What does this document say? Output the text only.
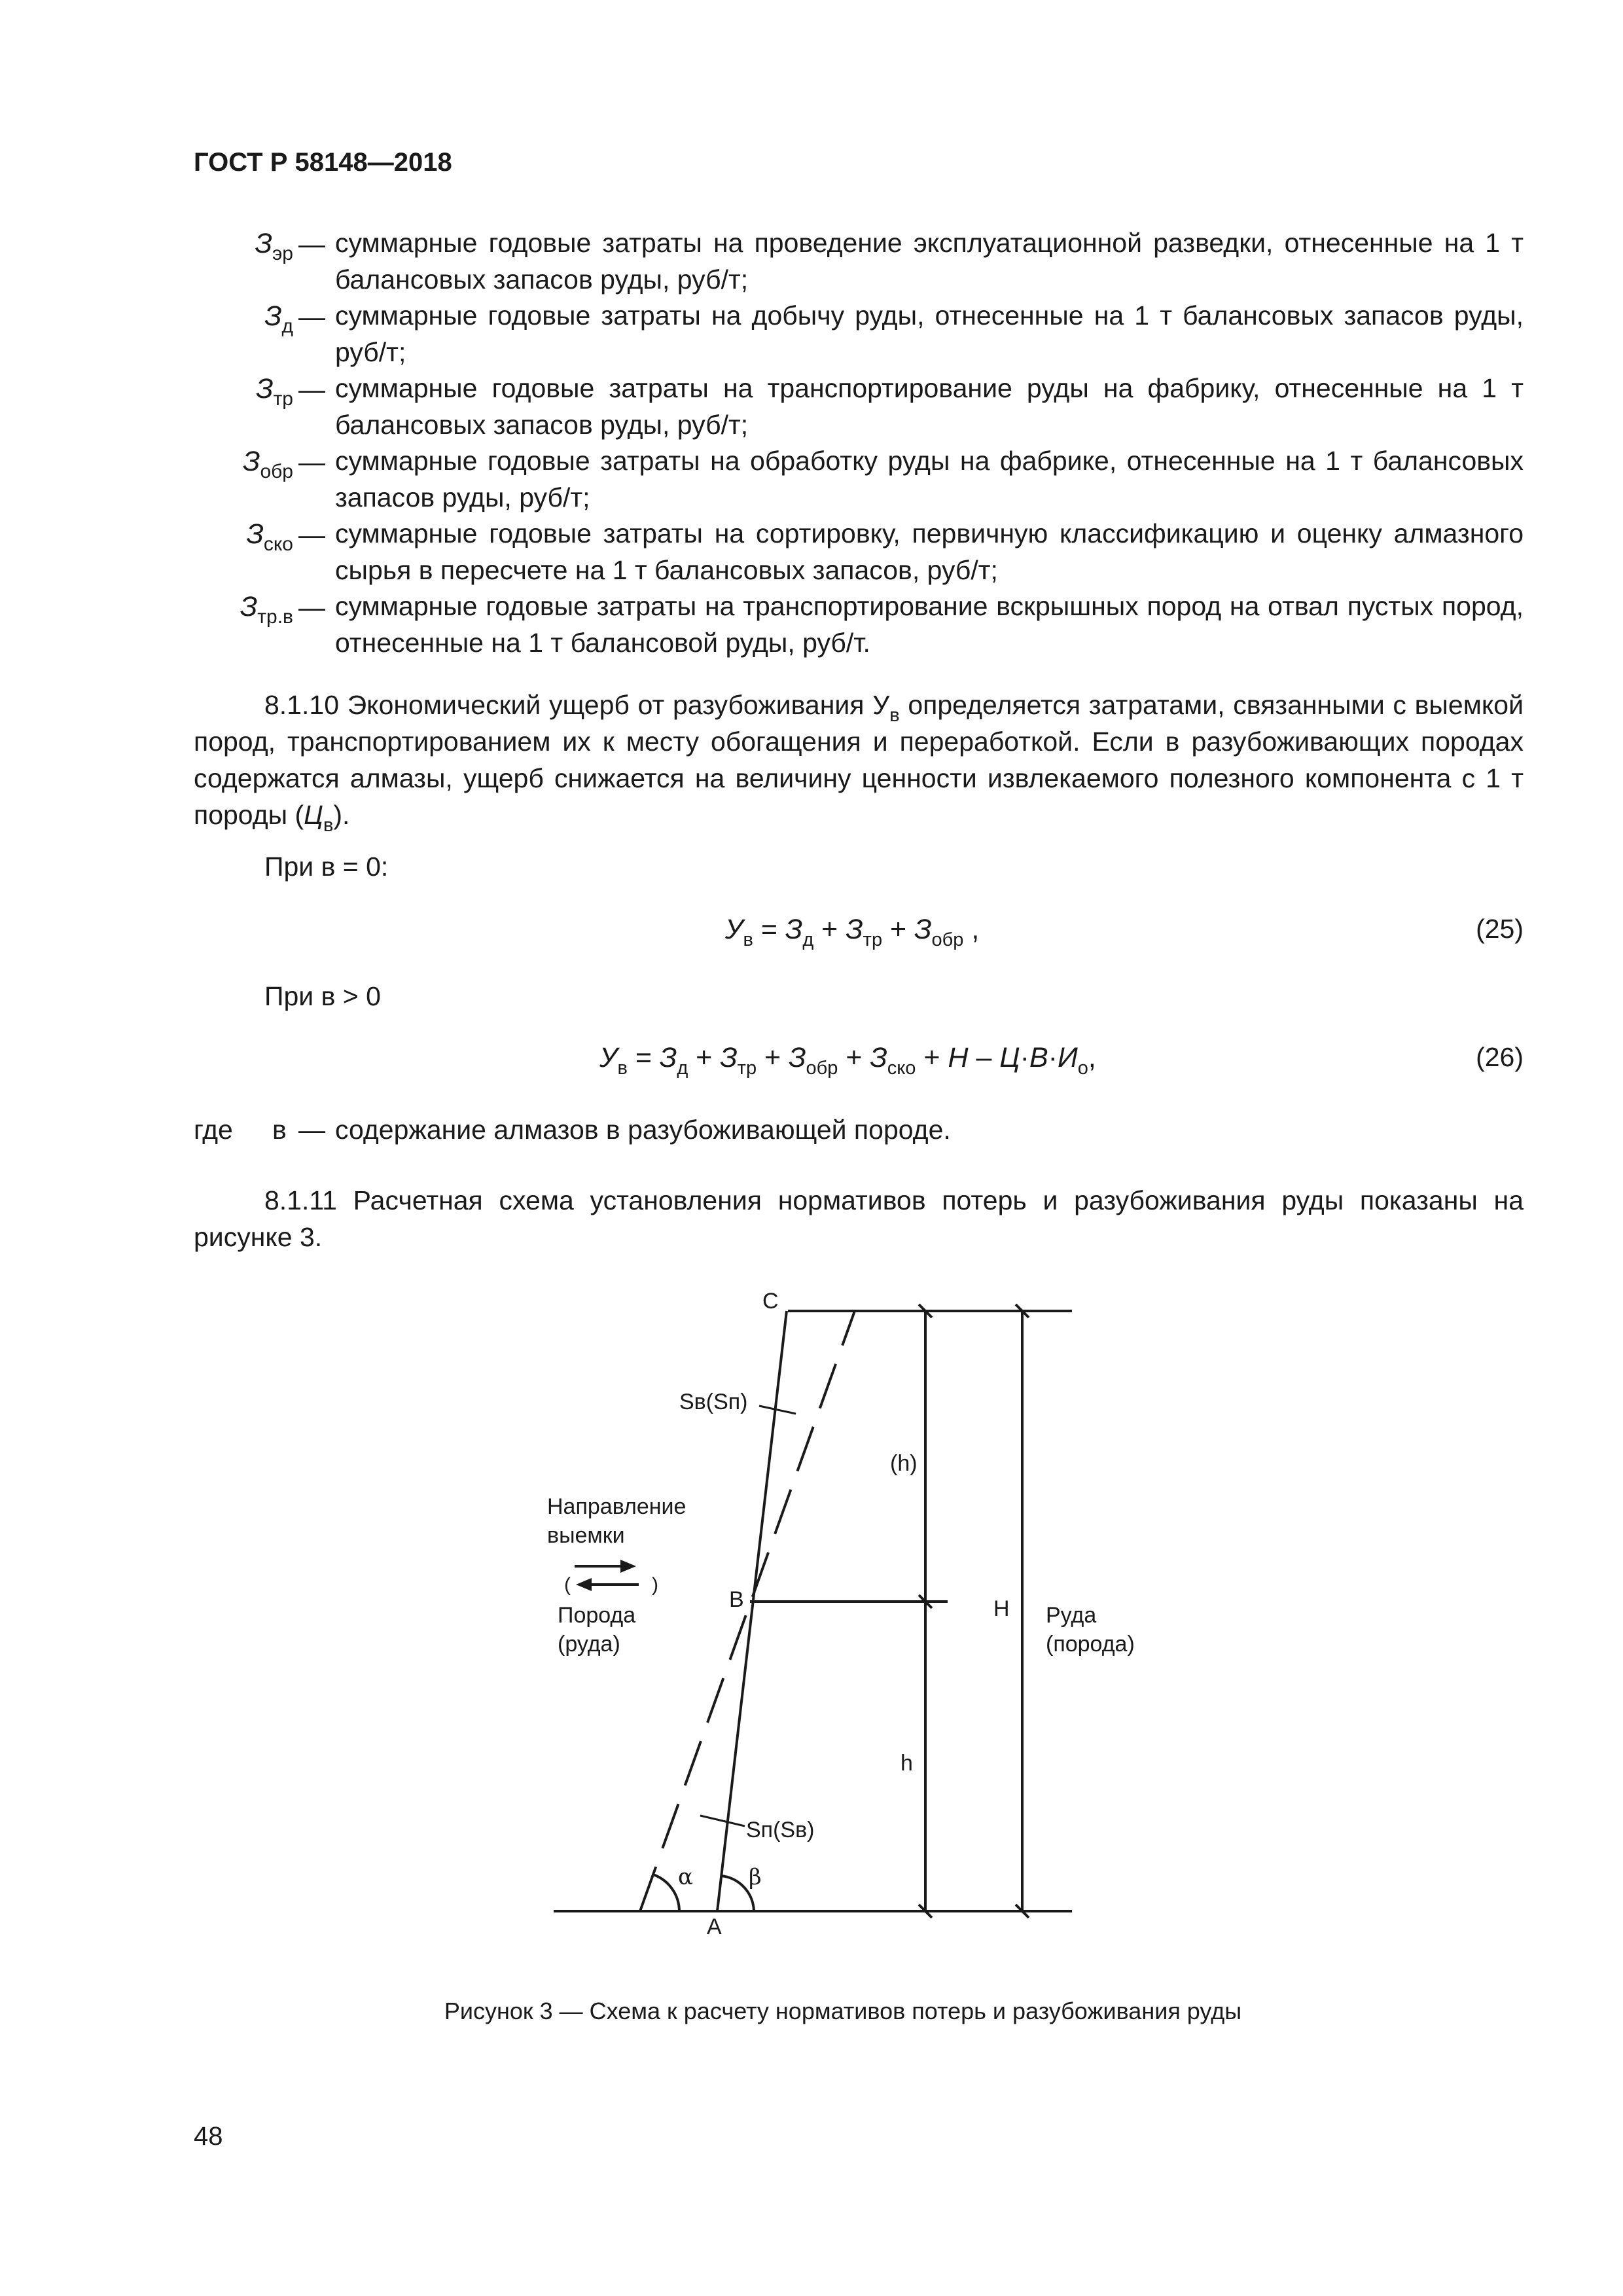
ГОСТ Р 58148—2018
$З_{эр}$ — суммарные годовые затраты на проведение эксплуатационной разведки, отнесенные на 1 т балансовых запасов руды, руб/т;
$З_д$ — суммарные годовые затраты на добычу руды, отнесенные на 1 т балансовых запасов руды, руб/т;
$З_{тр}$ — суммарные годовые затраты на транспортирование руды на фабрику, отнесенные на 1 т балансовых запасов руды, руб/т;
$З_{обр}$ — суммарные годовые затраты на обработку руды на фабрике, отнесенные на 1 т балансовых запасов руды, руб/т;
$З_{ско}$ — суммарные годовые затраты на сортировку, первичную классификацию и оценку алмазного сырья в пересчете на 1 т балансовых запасов, руб/т;
$З_{тр.в}$ — суммарные годовые затраты на транспортирование вскрышных пород на отвал пустых пород, отнесенные на 1 т балансовой руды, руб/т.
8.1.10 Экономический ущерб от разубоживания $У_в$ определяется затратами, связанными с выемкой пород, транспортированием их к месту обогащения и переработкой. Если в разубоживающих породах содержатся алмазы, ущерб снижается на величину ценности извлекаемого полезного компонента с 1 т породы $(Ц_в)$.
При в = 0:
$У_в = З_д + З_{тр} + З_{обр}$ ,	(25)
При в > 0
$У_в = З_д + З_{тр} + З_{обр} + З_{ско} + Н - Ц\cdot В\cdot И_о$,	(26)
где в — содержание алмазов в разубоживающей породе.
8.1.11 Расчетная схема установления нормативов потерь и разубоживания руды показаны на рисунке 3.
C
Sв(Sп)
(h)
Направление
выемки
(	)
Порода
(руда)
B	H Руда
(порода)
h
Sп(Sв)
α	β
A
Рисунок 3 — Схема к расчету нормативов потерь и разубоживания руды
48
